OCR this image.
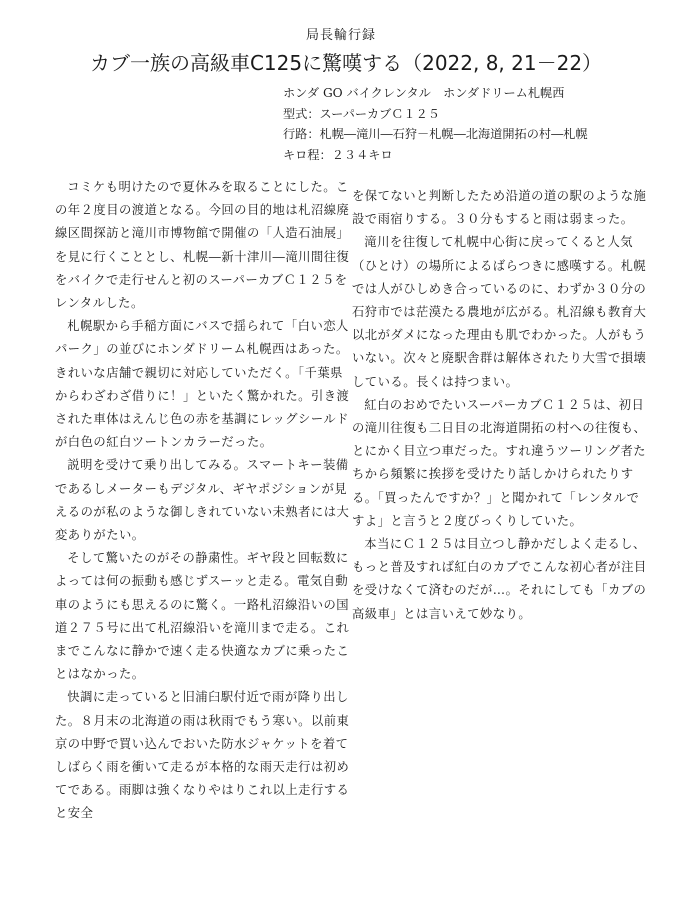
局長輪行録
カブ一族の高級車C125に驚嘆する（2022, 8, 21－22）
ホンダ GO バイクレンタル　ホンダドリーム札幌西
型式：スーパーカブＣ１２５
行路：札幌―滝川―石狩－札幌―北海道開拓の村―札幌
キロ程：２３４キロ

コミケも明けたので夏休みを取ることにした。この年２度目の渡道となる。今回の目的地は札沼線廃線区間探訪と滝川市博物館で開催の「人造石油展」を見に行くこととし、札幌―新十津川―滝川間往復をバイクで走行せんと初のスーパーカブＣ１２５をレンタルした。

札幌駅から手稲方面にバスで揺られて「白い恋人パーク」の並びにホンダドリーム札幌西はあった。きれいな店舗で親切に対応していただく。「千葉県からわざわざ借りに！」といたく驚かれた。引き渡された車体はえんじ色の赤を基調にレッグシールドが白色の紅白ツートンカラーだった。

説明を受けて乗り出してみる。スマートキー装備であるしメーターもデジタル、ギヤポジションが見えるのが私のような御しきれていない未熟者には大変ありがたい。

そして驚いたのがその静粛性。ギヤ段と回転数によっては何の振動も感じずスーッと走る。電気自動車のようにも思えるのに驚く。一路札沼線沿いの国道２７５号に出て札沼線沿いを滝川まで走る。これまでこんなに静かで速く走る快適なカブに乗ったことはなかった。

快調に走っていると旧浦臼駅付近で雨が降り出した。８月末の北海道の雨は秋雨でもう寒い。以前東京の中野で買い込んでおいた防水ジャケットを着てしばらく雨を衝いて走るが本格的な雨天走行は初めてである。雨脚は強くなりやはりこれ以上走行すると安全

を保てないと判断したため沿道の道の駅のような施設で雨宿りする。３０分もすると雨は弱まった。

滝川を往復して札幌中心街に戻ってくると人気（ひとけ）の場所によるばらつきに感嘆する。札幌では人がひしめき合っているのに、わずか３０分の石狩市では茫漠たる農地が広がる。札沼線も教育大以北がダメになった理由も肌でわかった。人がもういない。次々と廃駅舎群は解体されたり大雪で損壊している。長くは持つまい。

紅白のおめでたいスーパーカブＣ１２５は、初日の滝川往復も二日目の北海道開拓の村への往復も、とにかく目立つ車だった。すれ違うツーリング者たちから頻繁に挨拶を受けたり話しかけられたりする。「買ったんですか？」と聞かれて「レンタルですよ」と言うと２度びっくりしていた。

本当にＣ１２５は目立つし静かだしよく走るし、もっと普及すれば紅白のカブでこんな初心者が注目を受けなくて済むのだが…。それにしても「カブの高級車」とは言いえて妙なり。
